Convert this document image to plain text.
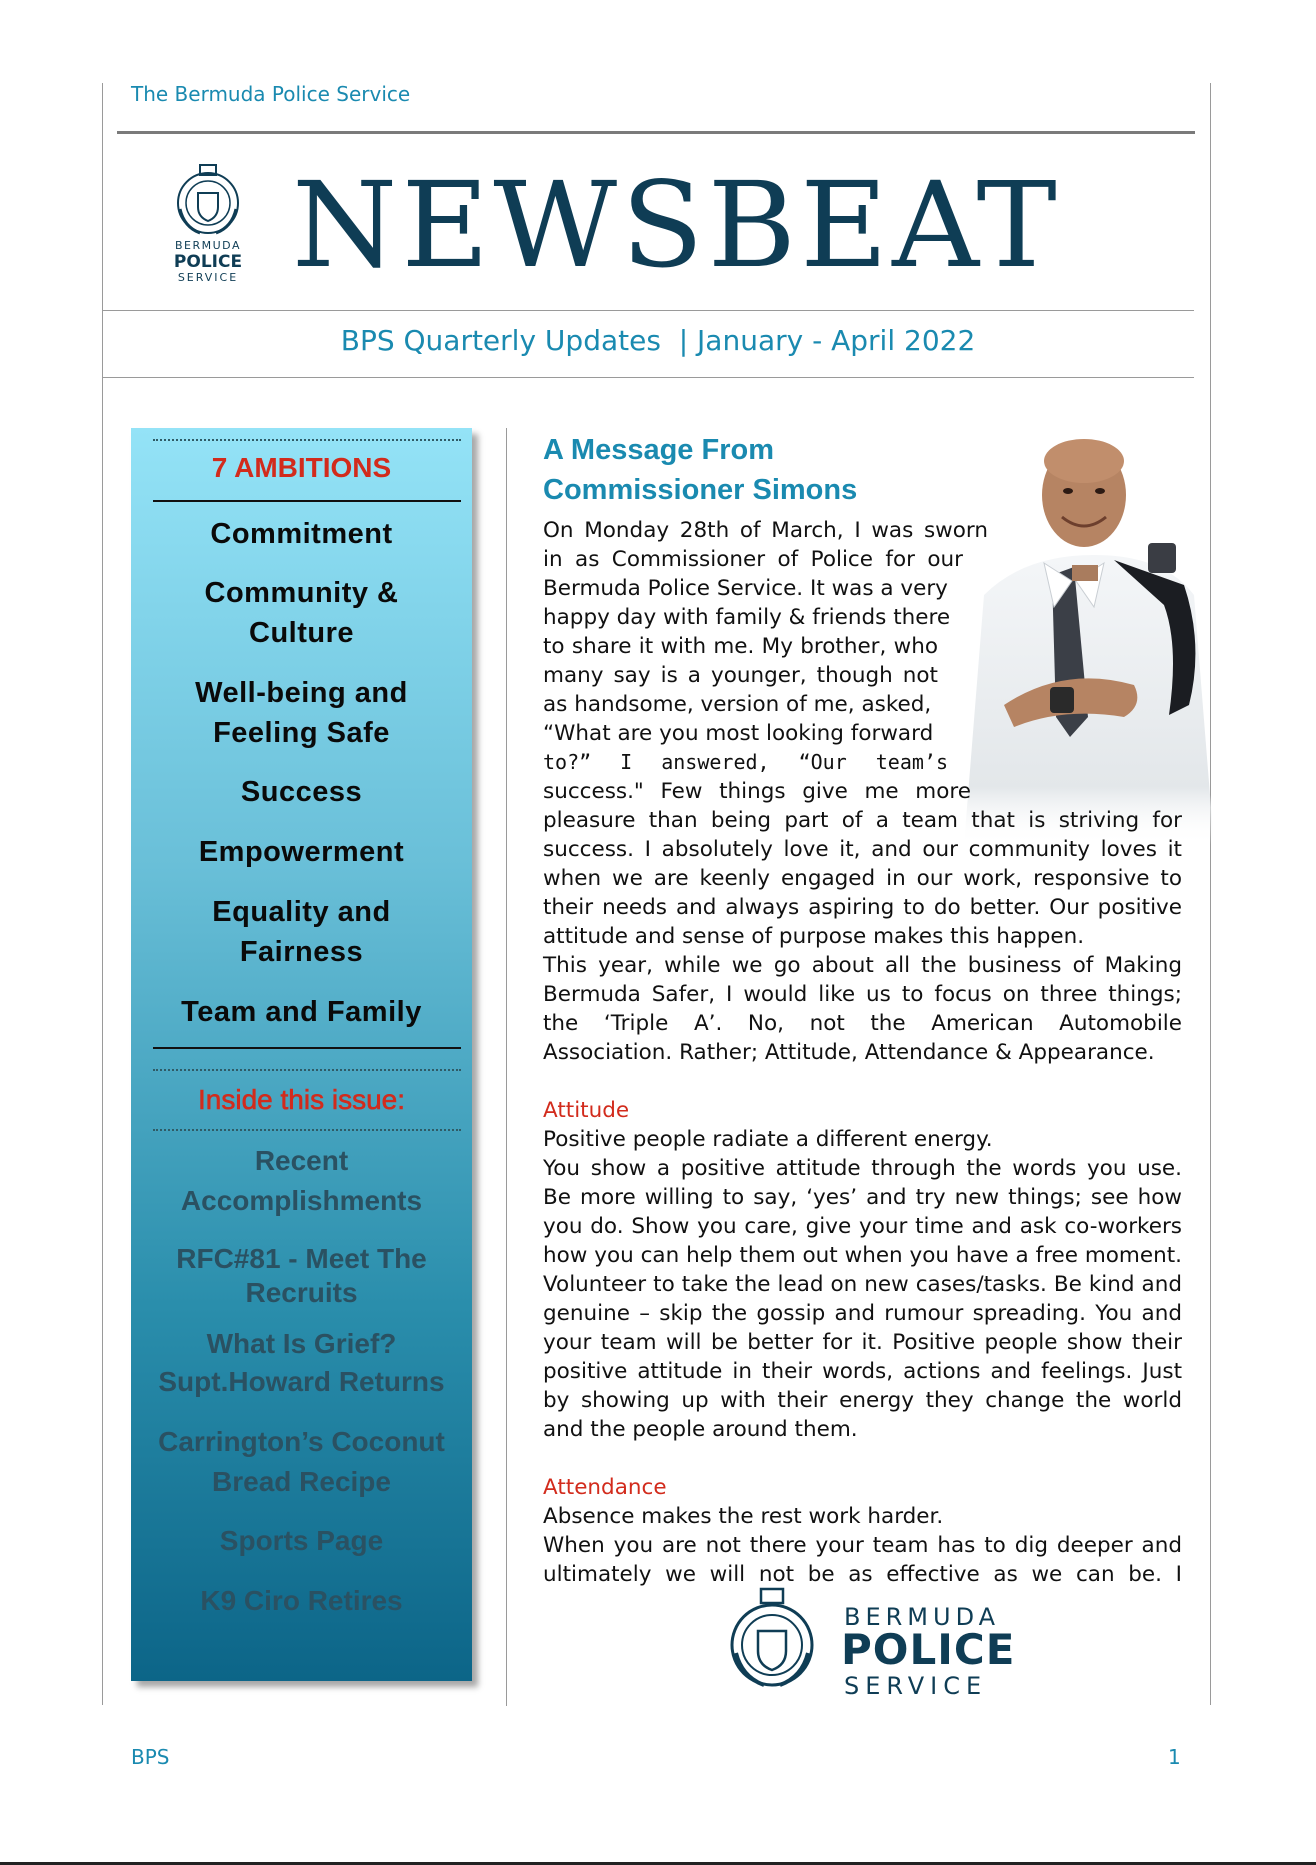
The Bermuda Police Service
BERMUDA
POLICE
SERVICE NEWSBEAT
BPS Quarterly Updates  | January - April 2022
7 AMBITIONS
Commitment
Community &
Culture
Well-being and
Feeling Safe
Success
Empowerment
Equality and
Fairness
Team and Family
Inside this issue:
Recent
Accomplishments
RFC#81 - Meet The
Recruits
What Is Grief?
Supt.Howard Returns
Carrington’s Coconut
Bread Recipe
Sports Page
K9 Ciro Retires
A Message From
Commissioner Simons
On Monday 28th of March, I was sworn
in as Commissioner of Police for our
Bermuda Police Service. It was a very
happy day with family & friends there
to share it with me. My brother, who
many say is a younger, though not
as handsome, version of me, asked,
“What are you most looking forward
to?” I answered, “Our team’s
success." Few things give me more
pleasure than being part of a team that is striving for success. I absolutely love it, and our community loves it when we are keenly engaged in our work, responsive to their needs and always aspiring to do better. Our positive attitude and sense of purpose makes this happen.
This year, while we go about all the business of Making Bermuda Safer, I would like us to focus on three things; the ‘Triple A’. No, not the American Automobile Association. Rather; Attitude, Attendance & Appearance.
Attitude
Positive people radiate a different energy.
You show a positive attitude through the words you use. Be more willing to say, ‘yes’ and try new things; see how you do. Show you care, give your time and ask co-workers how you can help them out when you have a free moment. Volunteer to take the lead on new cases/tasks. Be kind and genuine – skip the gossip and rumour spreading. You and your team will be better for it. Positive people show their positive attitude in their words, actions and feelings. Just by showing up with their energy they change the world and the people around them.
Attendance
Absence makes the rest work harder.
When you are not there your team has to dig deeper and ultimately we will not be as effective as we can be. I
BERMUDA
POLICE
SERVICE
BPS	1
